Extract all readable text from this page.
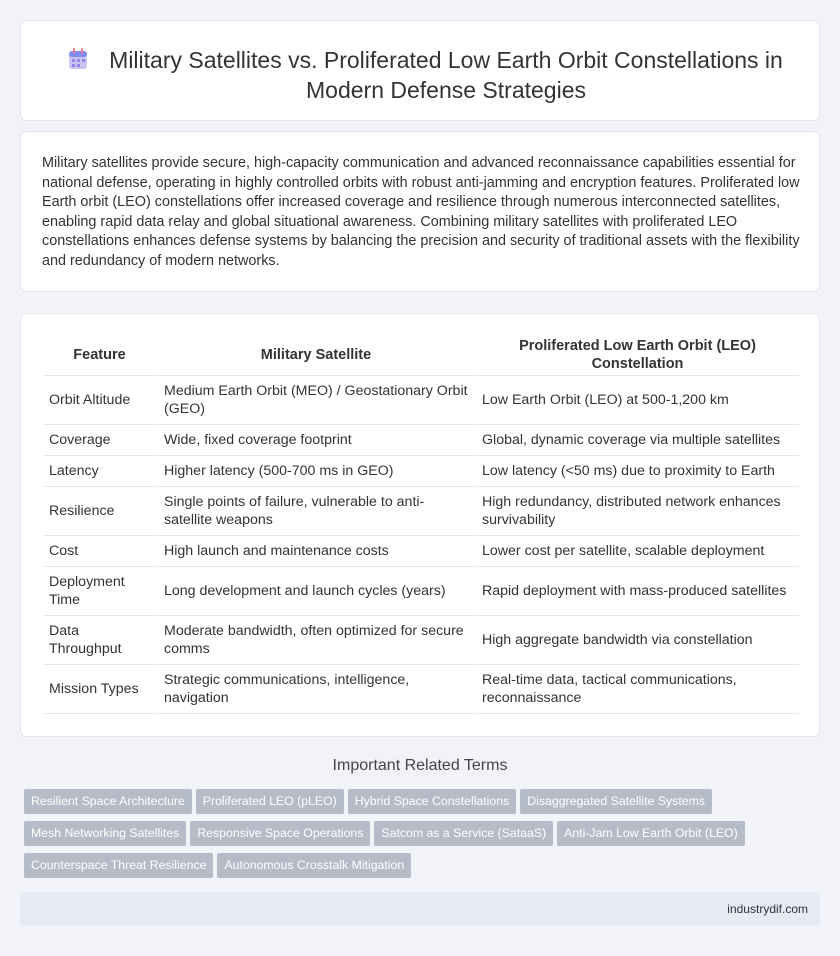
Military Satellites vs. Proliferated Low Earth Orbit Constellations in Modern Defense Strategies

Military satellites provide secure, high-capacity communication and advanced reconnaissance capabilities essential for national defense, operating in highly controlled orbits with robust anti-jamming and encryption features. Proliferated low Earth orbit (LEO) constellations offer increased coverage and resilience through numerous interconnected satellites, enabling rapid data relay and global situational awareness. Combining military satellites with proliferated LEO constellations enhances defense systems by balancing the precision and security of traditional assets with the flexibility and redundancy of modern networks.

Feature	Military Satellite	Proliferated Low Earth Orbit (LEO) Constellation
Orbit Altitude	Medium Earth Orbit (MEO) / Geostationary Orbit (GEO)	Low Earth Orbit (LEO) at 500-1,200 km
Coverage	Wide, fixed coverage footprint	Global, dynamic coverage via multiple satellites
Latency	Higher latency (500-700 ms in GEO)	Low latency (<50 ms) due to proximity to Earth
Resilience	Single points of failure, vulnerable to anti-satellite weapons	High redundancy, distributed network enhances survivability
Cost	High launch and maintenance costs	Lower cost per satellite, scalable deployment
Deployment Time	Long development and launch cycles (years)	Rapid deployment with mass-produced satellites
Data Throughput	Moderate bandwidth, often optimized for secure comms	High aggregate bandwidth via constellation
Mission Types	Strategic communications, intelligence, navigation	Real-time data, tactical communications, reconnaissance
Important Related Terms
Resilient Space Architecture Proliferated LEO (pLEO) Hybrid Space Constellations Disaggregated Satellite Systems
Mesh Networking Satellites Responsive Space Operations Satcom as a Service (SataaS) Anti-Jam Low Earth Orbit (LEO)
Counterspace Threat Resilience Autonomous Crosstalk Mitigation
industrydif.com
